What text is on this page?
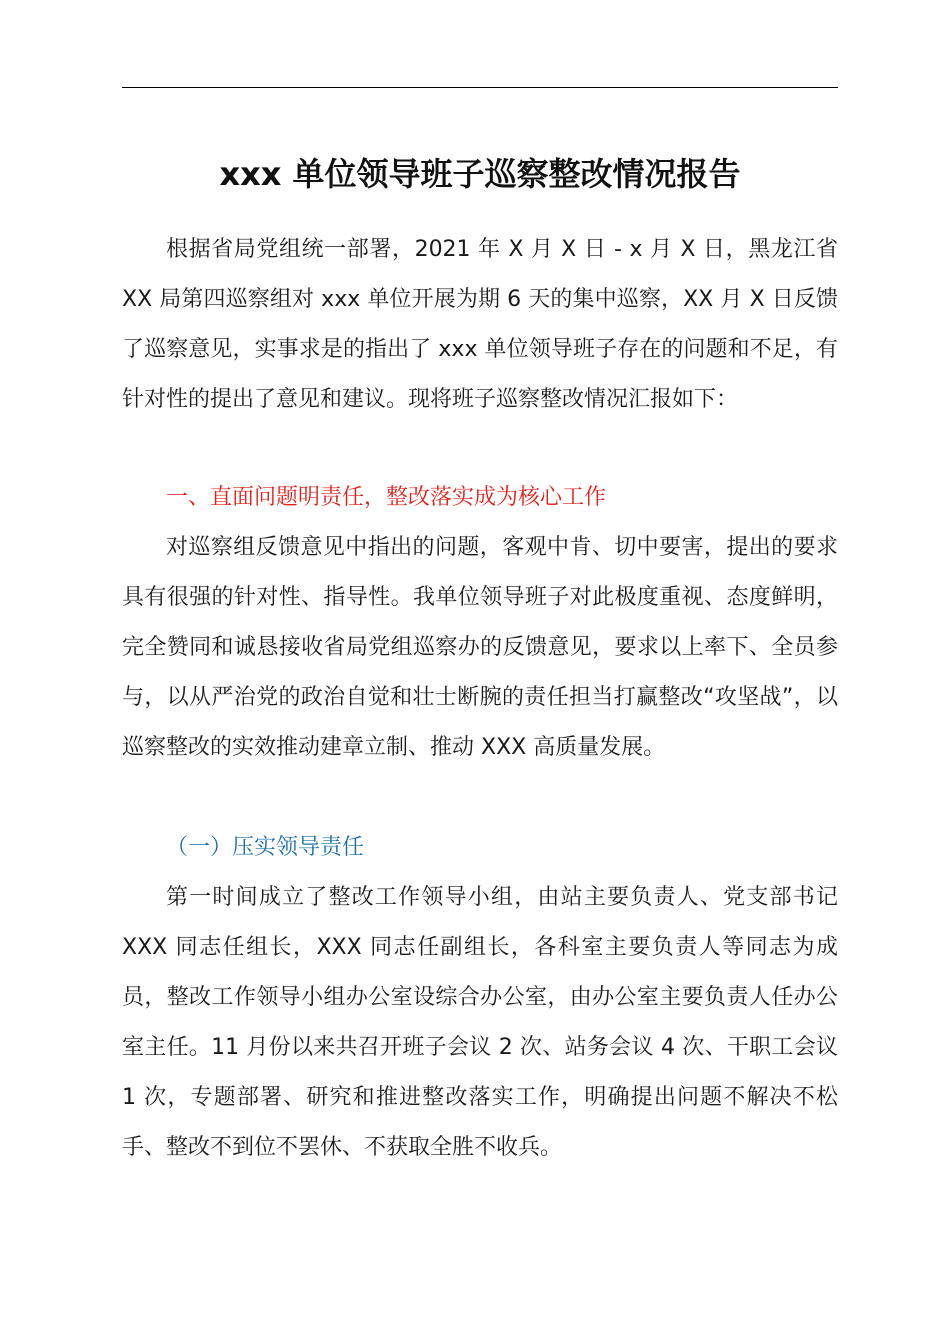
xxx 单位领导班子巡察整改情况报告

根据省局党组统一部署，2021 年 X 月 X 日 - x 月 X 日，黑龙江省 XX 局第四巡察组对 xxx 单位开展为期 6 天的集中巡察，XX 月 X 日反馈了巡察意见，实事求是的指出了 xxx 单位领导班子存在的问题和不足，有针对性的提出了意见和建议。现将班子巡察整改情况汇报如下：

一、直面问题明责任，整改落实成为核心工作

对巡察组反馈意见中指出的问题，客观中肯、切中要害，提出的要求具有很强的针对性、指导性。我单位领导班子对此极度重视、态度鲜明，完全赞同和诚恳接收省局党组巡察办的反馈意见，要求以上率下、全员参与，以从严治党的政治自觉和壮士断腕的责任担当打赢整改“攻坚战”，以巡察整改的实效推动建章立制、推动 XXX 高质量发展。

（一）压实领导责任

第一时间成立了整改工作领导小组，由站主要负责人、党支部书记 XXX 同志任组长，XXX 同志任副组长，各科室主要负责人等同志为成员，整改工作领导小组办公室设综合办公室，由办公室主要负责人任办公室主任。11 月份以来共召开班子会议 2 次、站务会议 4 次、干职工会议 1 次，专题部署、研究和推进整改落实工作，明确提出问题不解决不松手、整改不到位不罢休、不获取全胜不收兵。
